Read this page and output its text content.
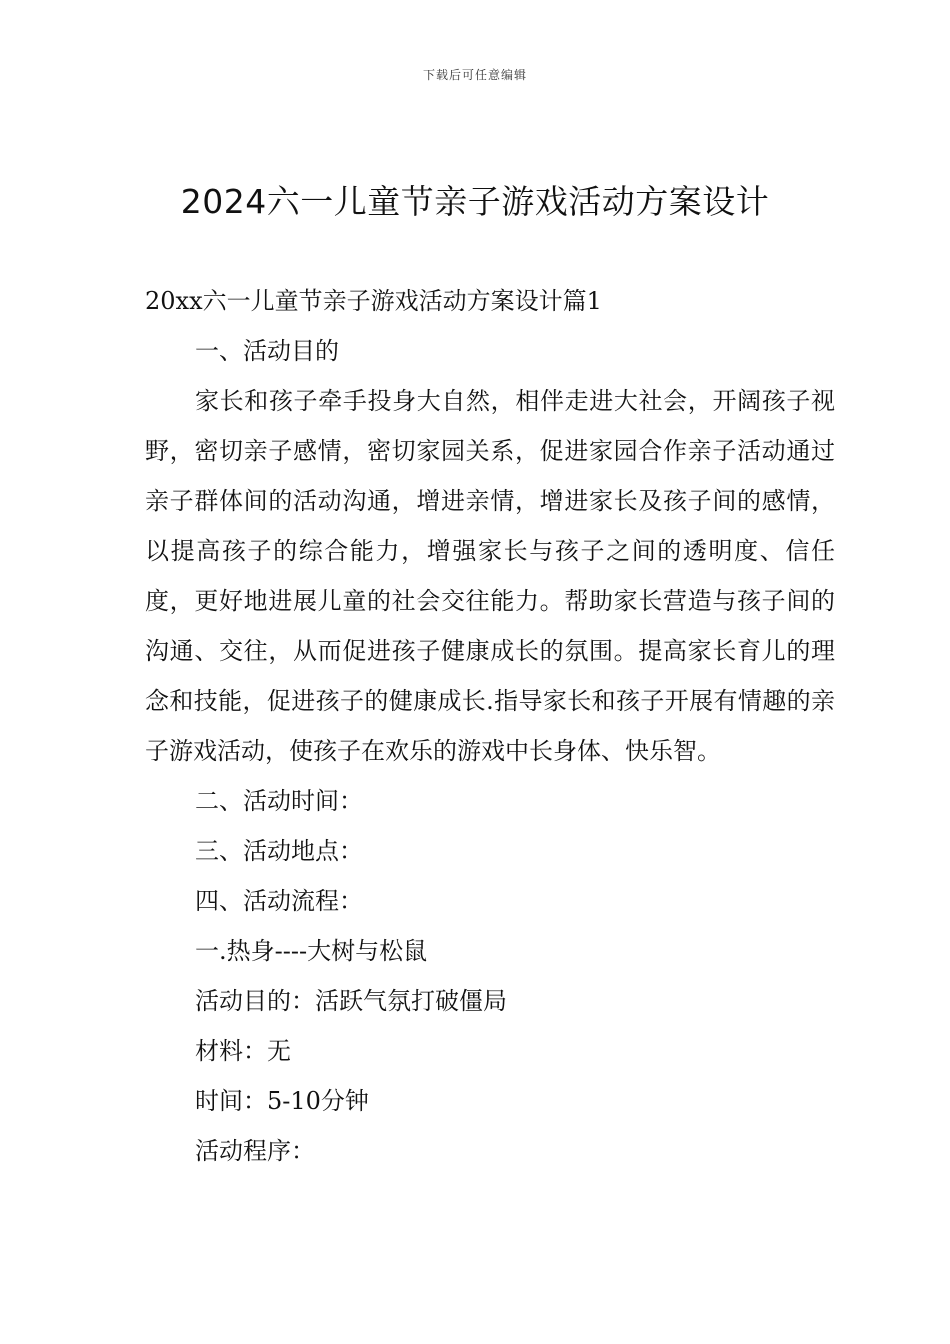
下载后可任意编辑
2024六一儿童节亲子游戏活动方案设计

20xx六一儿童节亲子游戏活动方案设计篇1

一、活动目的

家长和孩子牵手投身大自然，相伴走进大社会，开阔孩子视野，密切亲子感情，密切家园关系，促进家园合作亲子活动通过亲子群体间的活动沟通，增进亲情，增进家长及孩子间的感情，以提高孩子的综合能力，增强家长与孩子之间的透明度、信任度，更好地进展儿童的社会交往能力。帮助家长营造与孩子间的沟通、交往，从而促进孩子健康成长的氛围。提高家长育儿的理念和技能，促进孩子的健康成长.指导家长和孩子开展有情趣的亲子游戏活动，使孩子在欢乐的游戏中长身体、快乐智。

二、活动时间：

三、活动地点：

四、活动流程：

一.热身----大树与松鼠

活动目的：活跃气氛打破僵局

材料：无

时间：5-10分钟

活动程序：
